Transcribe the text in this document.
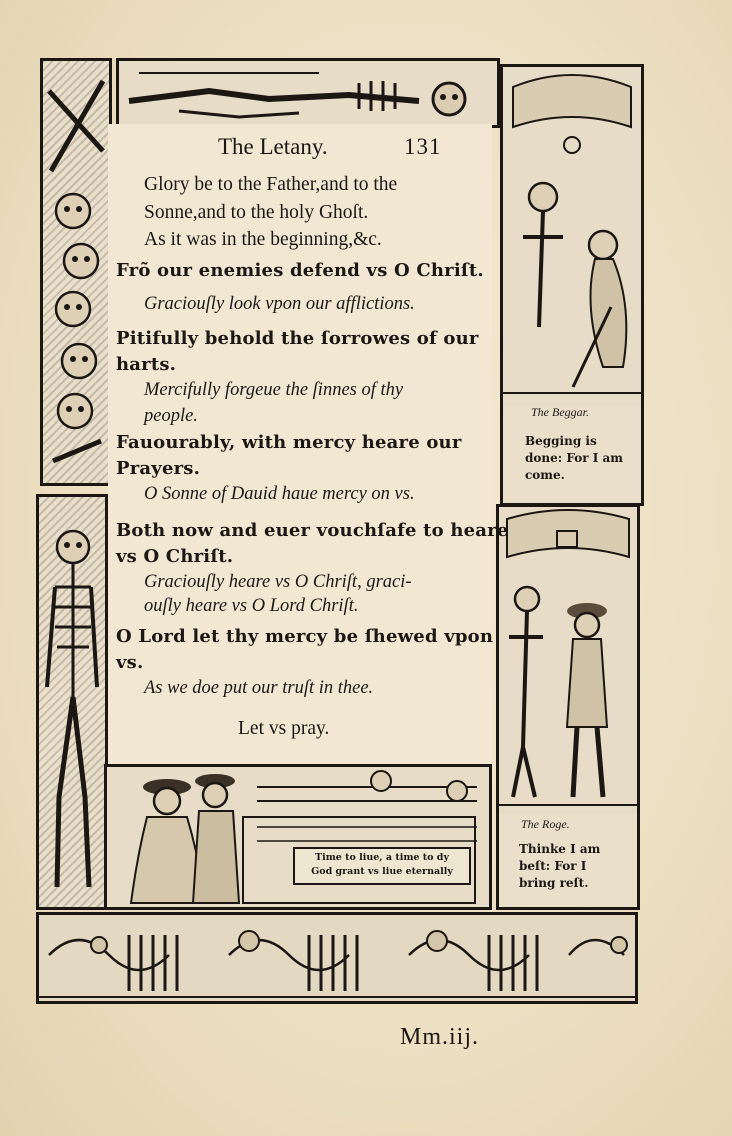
The Beggar.
Begging is
done: For I am
come.
The Roge.
Thinke I am
beſt: For I
bring reſt.
Time to liue, a time to dy
God grant vs liue eternally
The Letany.	131
Glory be to the Father,and to the
Sonne,and to the holy Ghoſt.
As it was in the beginning,&c.
Frõ our enemies defend vs O Chriſt.
Graciouſly look vpon our afflictions.
Pitifully behold the ſorrowes of our
harts.
Mercifully forgeue the ſinnes of thy
people.
Fauourably, with mercy heare our
Prayers.
O Sonne of Dauid haue mercy on vs.
Both now and euer vouchſafe to heare
vs O Chriſt.
Graciouſly heare vs O Chriſt, graci-
ouſly heare vs O Lord Chriſt.
O Lord let thy mercy be ſhewed vpon
vs.
As we doe put our truſt in thee.
Let vs pray.
Mm.iij.
